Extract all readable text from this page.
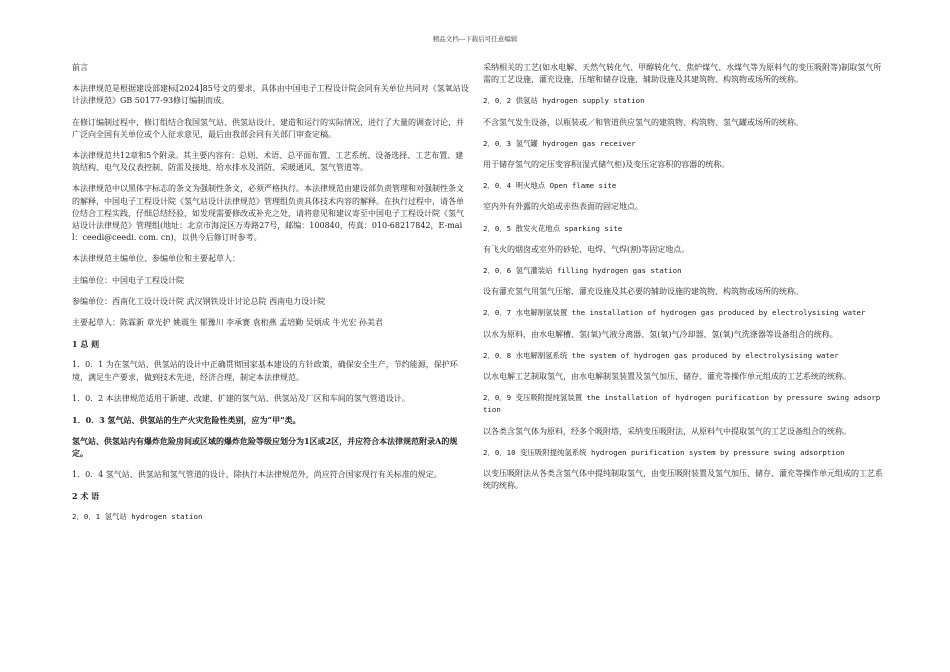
精品文档---下载后可任意编辑

前言

本法律规范是根据建设部建标[2024]85号文的要求，具体由中国电子工程设计院会同有关单位共同对《氢氧站设计法律规范》GB 50177-93修订编制而成。

在修订编制过程中，修订组结合我国氢气站、供氢站设计、建造和运行的实际情况，进行了大量的调查讨论，并广泛向全国有关单位或个人征求意见，最后由我部会同有关部门审查定稿。

本法律规范共12章和5个附录。其主要内容有：总则、术语、总平面布置、工艺系统、设备选择、工艺布置、建筑结构、电气及仪表控制、防雷及接地、给水排水及消防、采暖通风、氢气管道等。

本法律规范中以黑体字标志的条文为强制性条文，必须严格执行。本法律规范由建设部负责管理和对强制性条文的解释，中国电子工程设计院《氢气站设计法律规范》管理组负责具体技术内容的解释。在执行过程中，请各单位结合工程实践，仔细总结经验，如发现需要修改或补充之处，请将意见和建议寄至中国电子工程设计院《氢气站设计法律规范》管理组(地址：北京市海淀区万寿路27号，邮编：100840，传真：010-68217842，E-mail：ceedi@ceedi. com. cn)，以供今后修订时参考。

本法律规范主编单位、参编单位和主要起草人：

主编单位：中国电子工程设计院

参编单位：西南化工设计设计院 武汉钢铁设计讨论总院 西南电力设计院

主要起草人：陈霖新 章光护 姚震生 郁豫川 李承赛 袁桁燕 孟培勤 吴炳成 牛光宏 孙美君

1 总 则

1．0．1 为在氢气站、供氢站的设计中正确贯彻国家基本建设的方针政策，确保安全生产，节约能源，保护环境，满足生产要求，做到技术先进，经济合理，制定本法律规范。

1．0．2 本法律规范适用于新建、改建、扩建的氢气站、供氢站及厂区和车间的氢气管道设计。

1．0．3 氢气站、供氢站的生产火灾危险性类别，应为“甲”类。

氢气站、供氢站内有爆炸危险房间或区域的爆炸危险等级应划分为1区或2区，并应符合本法律规范附录A的规定。

1．0．4 氢气站、供氢站和氢气管道的设计，除执行本法律规范外，尚应符合国家现行有关标准的规定。

2 术 语

2．0．1 氢气站 hydrogen station

采纳相关的工艺(如水电解、天然气转化气、甲醇转化气、焦炉煤气、水煤气等为原料气的变压吸附等)制取氢气所需的工艺设施、灌充设施、压缩和储存设施、辅助设施及其建筑物、构筑物或场所的统称。

2．0．2 供氢站 hydrogen supply station

不含氢气发生设备，以瓶装或／和管道供应氢气的建筑物、构筑物、氢气罐或场所的统称。

2．0．3 氢气罐 hydrogen gas receiver

用于储存氢气的定压变容积(湿式储气柜)及变压定容积的容器的统称。

2．0．4 明火地点 Open flame site

室内外有外露的火焰或赤热表面的固定地点。

2．0．5 散发火花地点 sparking site

有飞火的烟囱或室外的砂轮、电焊、气焊(割)等固定地点。

2．0．6 氢气灌装站 filling hydrogen gas station

设有灌充氢气用氢气压缩、灌充设施及其必要的辅助设施的建筑物、构筑物或场所的统称。

2．0．7 水电解制氢装置 the installation of hydrogen gas produced by electrolysising water

以水为原料，由水电解槽、氢(氧)气液分离器、氢(氧)气冷却器、氢(氧)气洗涤器等设备组合的统称。

2．0．8 水电解制氢系统 the system of hydrogen gas produced by electrolysising water

以水电解工艺制取氢气，由水电解制氢装置及氢气加压、储存、灌充等操作单元组成的工艺系统的统称。

2．0．9 变压吸附提纯氢装置 the installation of hydrogen purification by pressure swing adsorption

以各类含氢气体为原料，经多个吸附塔，采纳变压吸附法，从原料气中提取氢气的工艺设备组合的统称。

2．0．10 变压吸附提纯氢系统 hydrogen purification system by pressure swing adsorption

以变压吸附法从各类含氢气体中提纯制取氢气，由变压吸附装置及氢气加压、储存、灌充等操作单元组成的工艺系统的统称。
